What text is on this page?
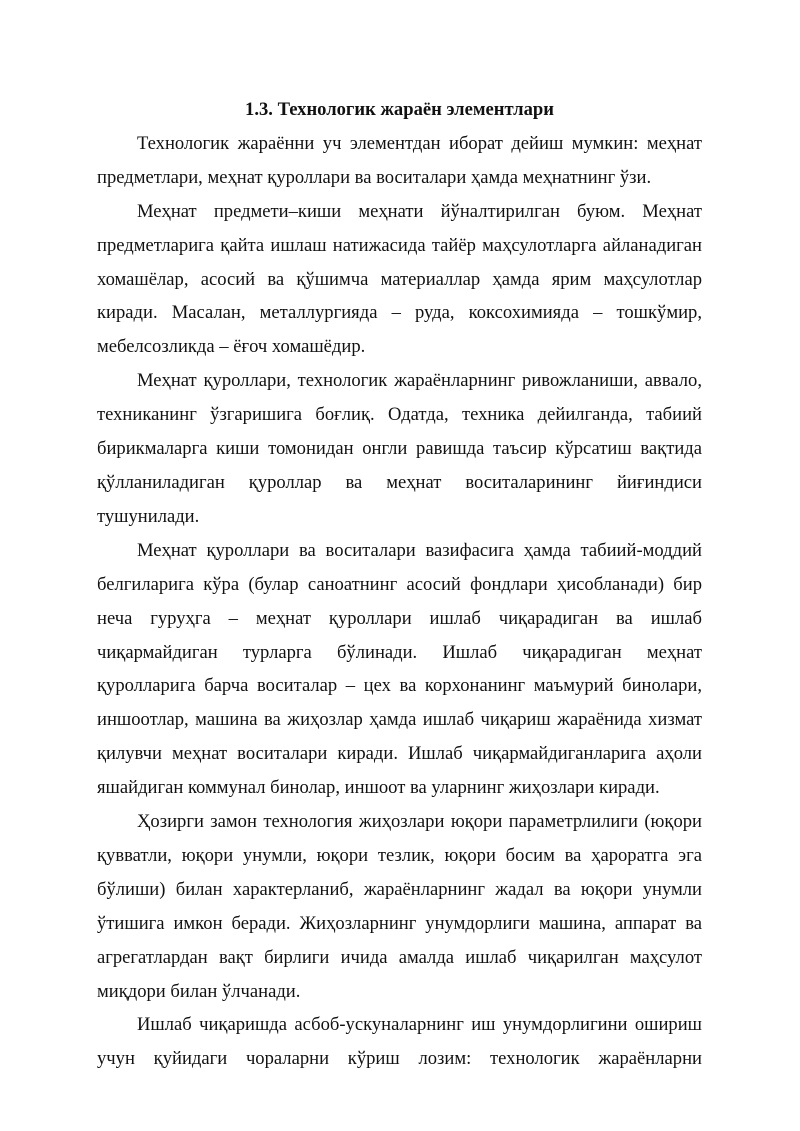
1.3. Технологик жараён элементлари

Технологик жараённи уч элементдан иборат дейиш мумкин: меҳнат предметлари, меҳнат қуроллари ва воситалари ҳамда меҳнатнинг ўзи.

Меҳнат предмети–киши меҳнати йўналтирилган буюм. Меҳнат предметларига қайта ишлаш натижасида тайёр маҳсулотларга айланадиган хомашёлар, асосий ва қўшимча материаллар ҳамда ярим маҳсулотлар киради. Масалан, металлургияда – руда, коксохимияда – тошкўмир, мебелсозликда – ёғоч хомашёдир.

Меҳнат қуроллари, технологик жараёнларнинг ривожланиши, аввало, техниканинг ўзгаришига боғлиқ. Одатда, техника дейилганда, табиий бирикмаларга киши томонидан онгли равишда таъсир кўрсатиш вақтида қўлланиладиган қуроллар ва меҳнат воситаларининг йиғиндиси тушунилади.

Меҳнат қуроллари ва воситалари вазифасига ҳамда табиий-моддий белгиларига кўра (булар саноатнинг асосий фондлари ҳисобланади) бир неча гуруҳга – меҳнат қуроллари ишлаб чиқарадиган ва ишлаб чиқармайдиган турларга бўлинади. Ишлаб чиқарадиган меҳнат қуролларига барча воситалар – цех ва корхонанинг маъмурий бинолари, иншоотлар, машина ва жиҳозлар ҳамда ишлаб чиқариш жараёнида хизмат қилувчи меҳнат воситалари киради. Ишлаб чиқармайдиганларига аҳоли яшайдиган коммунал бинолар, иншоот ва уларнинг жиҳозлари киради.

Ҳозирги замон технология жиҳозлари юқори параметрлилиги (юқори қувватли, юқори унумли, юқори тезлик, юқори босим ва ҳароратга эга бўлиши) билан характерланиб, жараёнларнинг жадал ва юқори унумли ўтишига имкон беради. Жиҳозларнинг унумдорлиги машина, аппарат ва агрегатлардан вақт бирлиги ичида амалда ишлаб чиқарилган маҳсулот миқдори билан ўлчанади.

Ишлаб чиқаришда асбоб-ускуналарнинг иш унумдорлигини ошириш учун қуйидаги чораларни кўриш лозим: технологик жараёнларни
